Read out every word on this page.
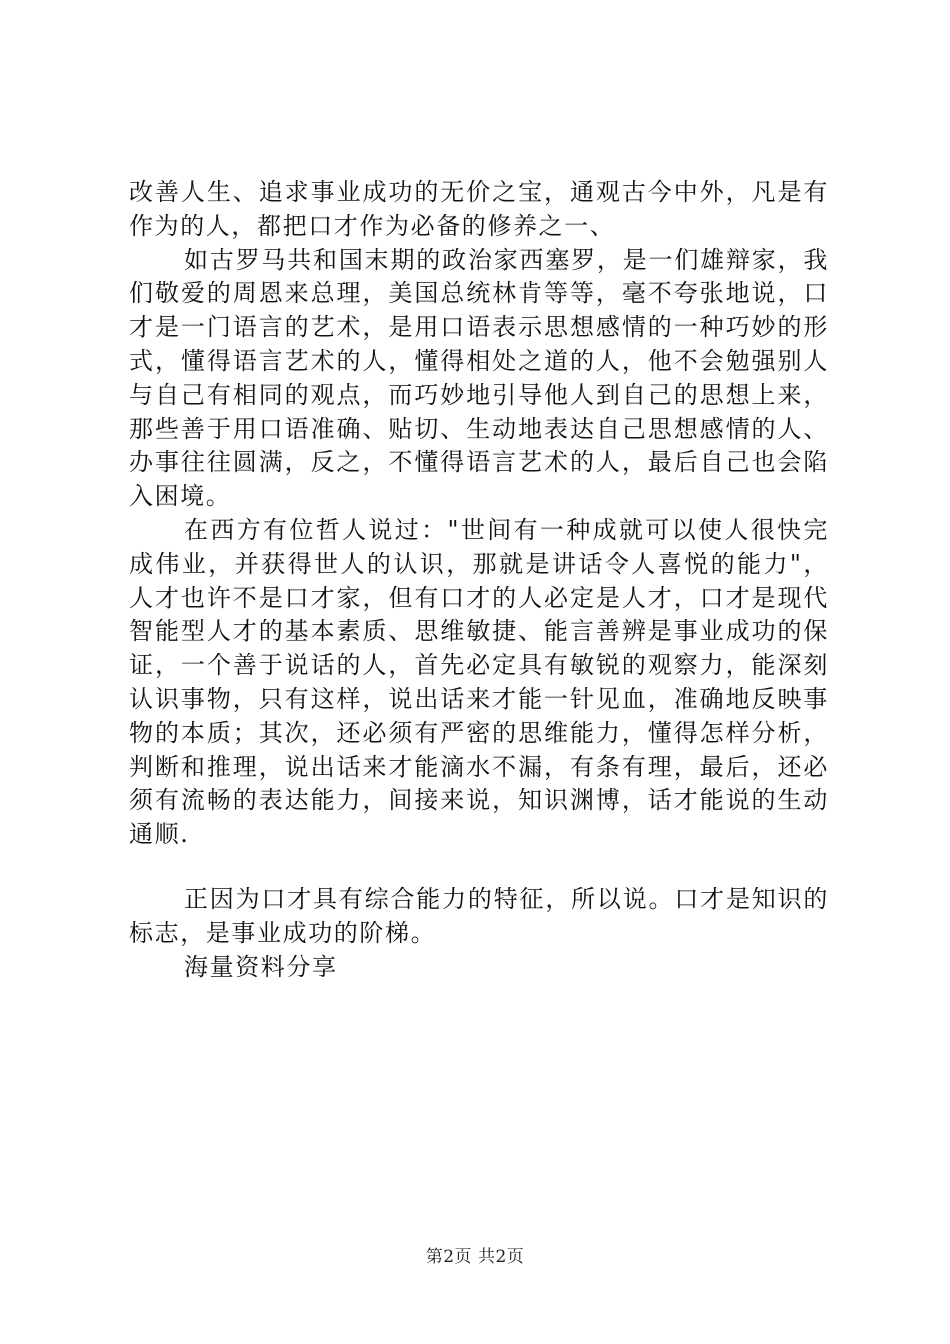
改善人生、追求事业成功的无价之宝，通观古今中外，凡是有作为的人，都把口才作为必备的修养之一、

如古罗马共和国末期的政治家西塞罗，是一们雄辩家，我们敬爱的周恩来总理，美国总统林肯等等，毫不夸张地说，口才是一门语言的艺术，是用口语表示思想感情的一种巧妙的形式，懂得语言艺术的人，懂得相处之道的人，他不会勉强别人与自己有相同的观点，而巧妙地引导他人到自己的思想上来，那些善于用口语准确、贴切、生动地表达自己思想感情的人、办事往往圆满，反之，不懂得语言艺术的人，最后自己也会陷入困境。

在西方有位哲人说过："世间有一种成就可以使人很快完成伟业，并获得世人的认识，那就是讲话令人喜悦的能力"，人才也许不是口才家，但有口才的人必定是人才，口才是现代智能型人才的基本素质、思维敏捷、能言善辨是事业成功的保证，一个善于说话的人，首先必定具有敏锐的观察力，能深刻认识事物，只有这样，说出话来才能一针见血，准确地反映事物的本质；其次，还必须有严密的思维能力，懂得怎样分析，判断和推理，说出话来才能滴水不漏，有条有理，最后，还必须有流畅的表达能力，间接来说，知识渊博，话才能说的生动通顺.

正因为口才具有综合能力的特征，所以说。口才是知识的标志，是事业成功的阶梯。

海量资料分享

第2页 共2页
